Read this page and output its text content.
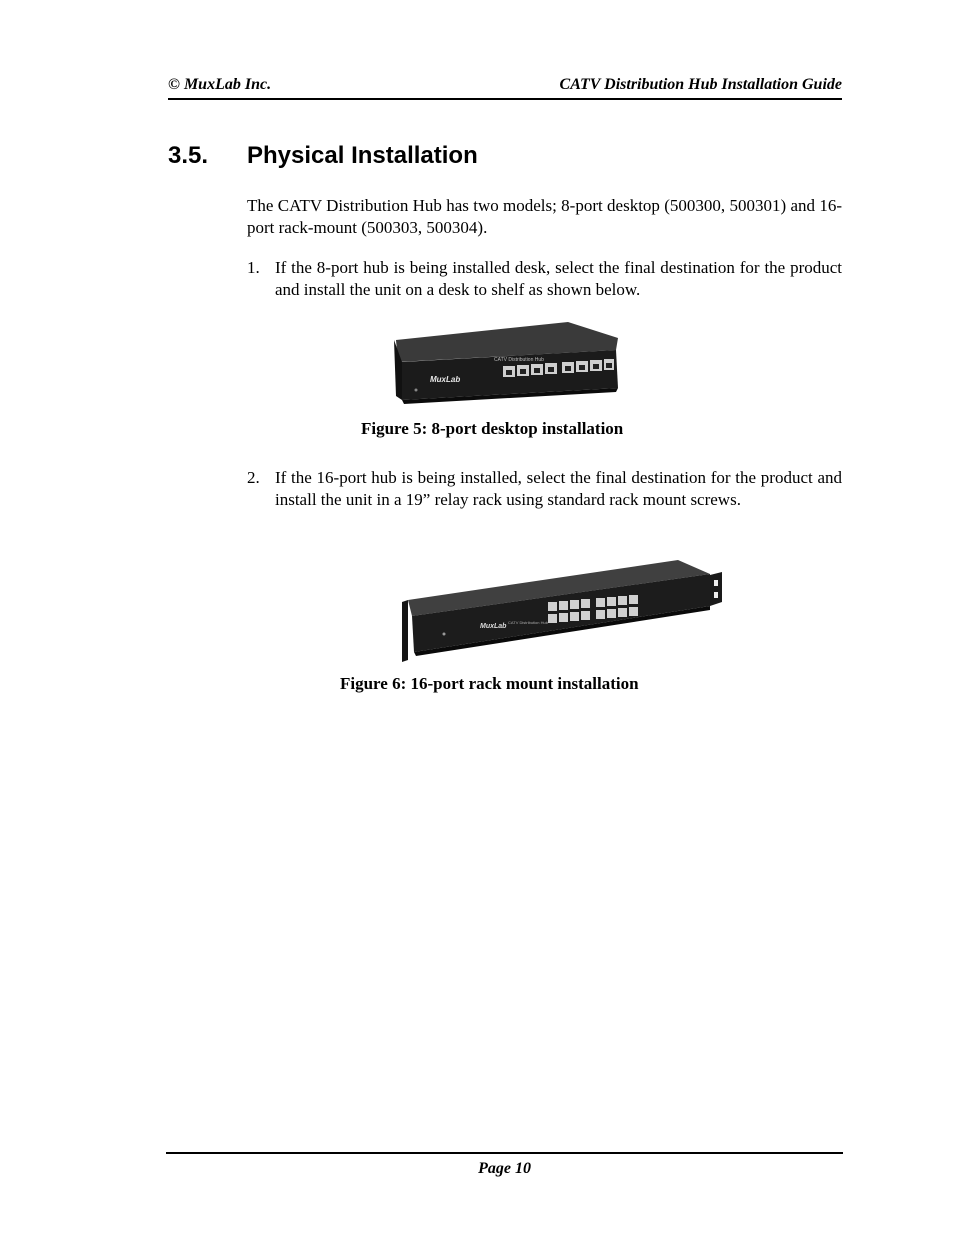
© MuxLab Inc.	CATV Distribution Hub Installation Guide
3.5. Physical Installation
The CATV Distribution Hub has two models; 8-port desktop (500300, 500301) and 16-port rack-mount (500303, 500304).
1. If the 8-port hub is being installed desk, select the final destination for the product and install the unit on a desk to shelf as shown below.
CATV Distribution Hub
MuxLab
Figure 5: 8-port desktop installation
2. If the 16-port hub is being installed, select the final destination for the product and install the unit in a 19” relay rack using standard rack mount screws.
MuxLab
CATV Distribution Hub
Figure 6: 16-port rack mount installation
Page 10
